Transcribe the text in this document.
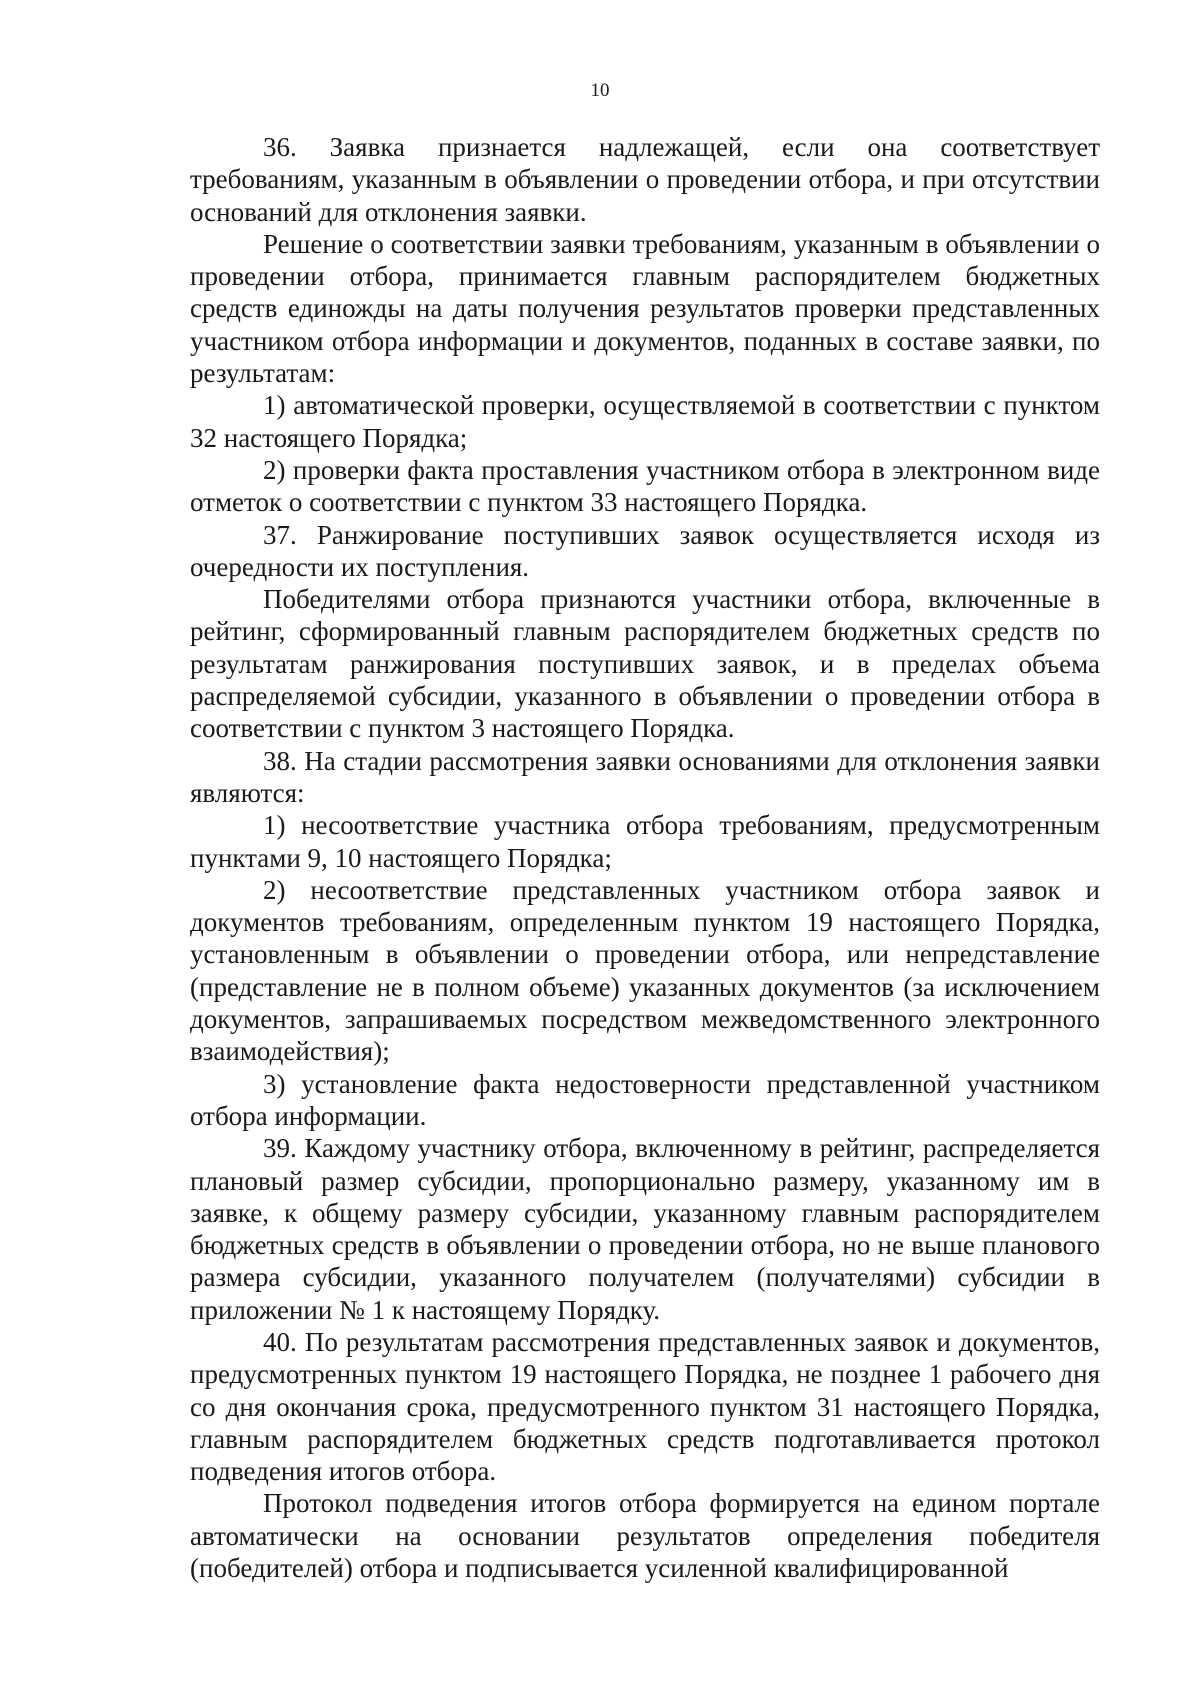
10

36. Заявка признается надлежащей, если она соответствует требованиям, указанным в объявлении о проведении отбора, и при отсутствии оснований для отклонения заявки.

Решение о соответствии заявки требованиям, указанным в объявлении о проведении отбора, принимается главным распорядителем бюджетных средств единожды на даты получения результатов проверки представленных участником отбора информации и документов, поданных в составе заявки, по результатам:

1) автоматической проверки, осуществляемой в соответствии с пунктом 32 настоящего Порядка;

2) проверки факта проставления участником отбора в электронном виде отметок о соответствии с пунктом 33 настоящего Порядка.

37. Ранжирование поступивших заявок осуществляется исходя из очередности их поступления.

Победителями отбора признаются участники отбора, включенные в рейтинг, сформированный главным распорядителем бюджетных средств по результатам ранжирования поступивших заявок, и в пределах объема распределяемой субсидии, указанного в объявлении о проведении отбора в соответствии с пунктом 3 настоящего Порядка.

38. На стадии рассмотрения заявки основаниями для отклонения заявки являются:

1) несоответствие участника отбора требованиям, предусмотренным пунктами 9, 10 настоящего Порядка;

2) несоответствие представленных участником отбора заявок и документов требованиям, определенным пунктом 19 настоящего Порядка, установленным в объявлении о проведении отбора, или непредставление (представление не в полном объеме) указанных документов (за исключением документов, запрашиваемых посредством межведомственного электронного взаимодействия);

3) установление факта недостоверности представленной участником отбора информации.

39. Каждому участнику отбора, включенному в рейтинг, распределяется плановый размер субсидии, пропорционально размеру, указанному им в заявке, к общему размеру субсидии, указанному главным распорядителем бюджетных средств в объявлении о проведении отбора, но не выше планового размера субсидии, указанного получателем (получателями) субсидии в приложении № 1 к настоящему Порядку.

40. По результатам рассмотрения представленных заявок и документов, предусмотренных пунктом 19 настоящего Порядка, не позднее 1 рабочего дня со дня окончания срока, предусмотренного пунктом 31 настоящего Порядка, главным распорядителем бюджетных средств подготавливается протокол подведения итогов отбора.

Протокол подведения итогов отбора формируется на едином портале автоматически на основании результатов определения победителя (победителей) отбора и подписывается усиленной квалифицированной
